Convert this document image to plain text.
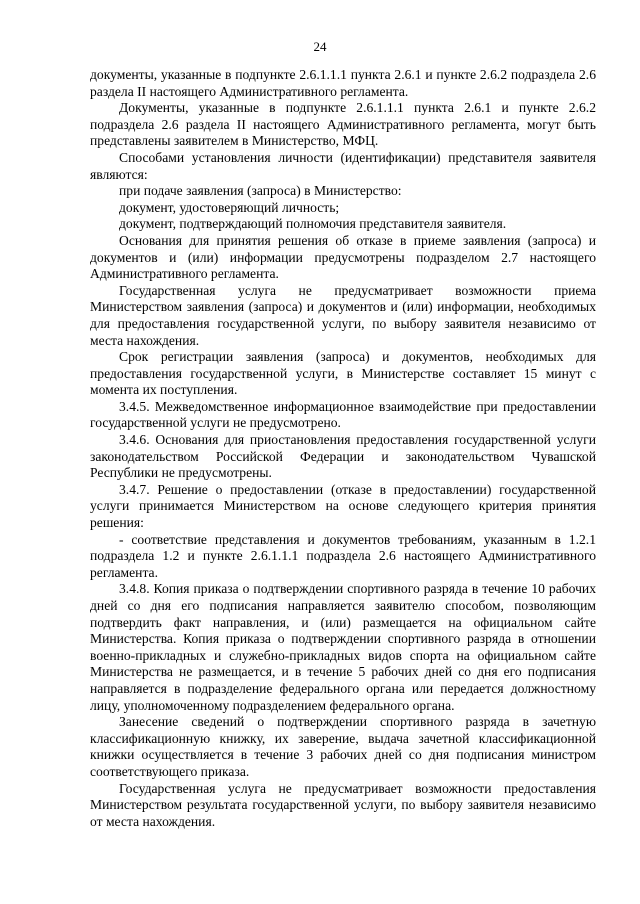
24

документы, указанные в подпункте 2.6.1.1.1 пункта 2.6.1 и пункте 2.6.2 подраздела 2.6 раздела II настоящего Административного регламента.

Документы, указанные в подпункте 2.6.1.1.1 пункта 2.6.1 и пункте 2.6.2 подраздела 2.6 раздела II настоящего Административного регламента, могут быть представлены заявителем в Министерство, МФЦ.

Способами установления личности (идентификации) представителя заявителя являются:

при подаче заявления (запроса) в Министерство:

документ, удостоверяющий личность;

документ, подтверждающий полномочия представителя заявителя.

Основания для принятия решения об отказе в приеме заявления (запроса) и документов и (или) информации предусмотрены подразделом 2.7 настоящего Административного регламента.

Государственная услуга не предусматривает возможности приема Министерством заявления (запроса) и документов и (или) информации, необходимых для предоставления государственной услуги, по выбору заявителя независимо от места нахождения.

Срок регистрации заявления (запроса) и документов, необходимых для предоставления государственной услуги, в Министерстве составляет 15 минут с момента их поступления.

3.4.5. Межведомственное информационное взаимодействие при предоставлении государственной услуги не предусмотрено.

3.4.6. Основания для приостановления предоставления государственной услуги законодательством Российской Федерации и законодательством Чувашской Республики не предусмотрены.

3.4.7. Решение о предоставлении (отказе в предоставлении) государственной услуги принимается Министерством на основе следующего критерия принятия решения:

- соответствие представления и документов требованиям, указанным в 1.2.1 подраздела 1.2 и пункте 2.6.1.1.1 подраздела 2.6 настоящего Административного регламента.

3.4.8. Копия приказа о подтверждении спортивного разряда в течение 10 рабочих дней со дня его подписания направляется заявителю способом, позволяющим подтвердить факт направления, и (или) размещается на официальном сайте Министерства. Копия приказа о подтверждении спортивного разряда в отношении военно-прикладных и служебно-прикладных видов спорта на официальном сайте Министерства не размещается, и в течение 5 рабочих дней со дня его подписания направляется в подразделение федерального органа или передается должностному лицу, уполномоченному подразделением федерального органа.

Занесение сведений о подтверждении спортивного разряда в зачетную классификационную книжку, их заверение, выдача зачетной классификационной книжки осуществляется в течение 3 рабочих дней со дня подписания министром соответствующего приказа.

Государственная услуга не предусматривает возможности предоставления Министерством результата государственной услуги, по выбору заявителя независимо от места нахождения.
